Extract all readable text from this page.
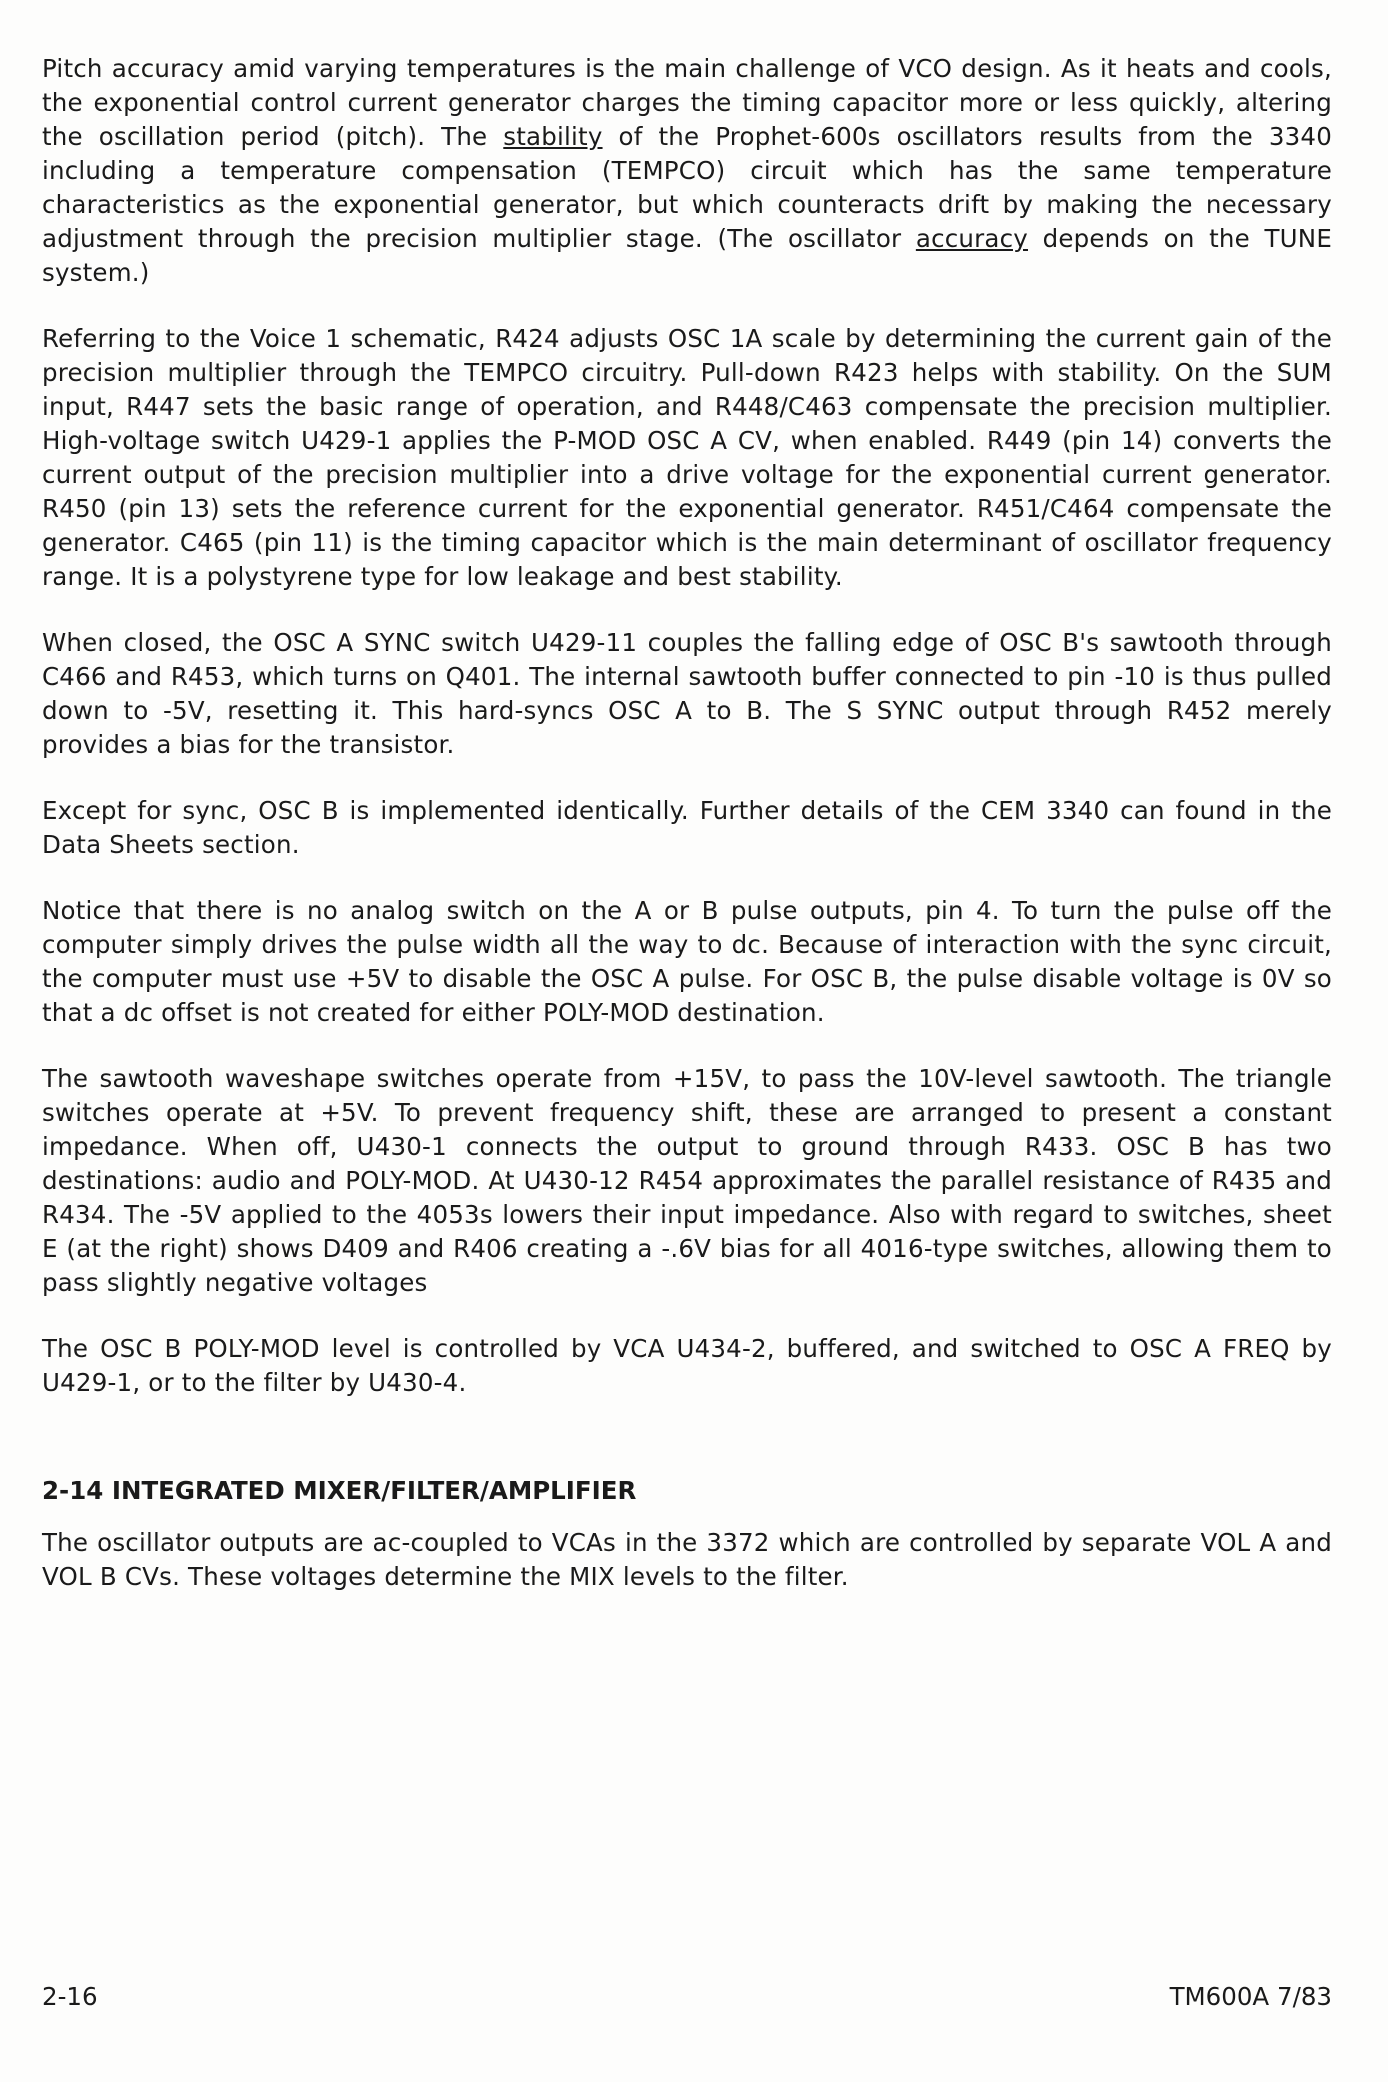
Pitch accuracy amid varying temperatures is the main challenge of VCO design. As it heats and cools, the exponential control current generator charges the timing capacitor more or less quickly, altering the oscillation period (pitch). The stability of the Prophet-600s oscillators results from the 3340 including a temperature compensation (TEMPCO) circuit which has the same temperature characteristics as the exponential generator, but which counteracts drift by making the necessary adjustment through the precision multiplier stage. (The oscillator accuracy depends on the TUNE system.)

Referring to the Voice 1 schematic, R424 adjusts OSC 1A scale by determining the current gain of the precision multiplier through the TEMPCO circuitry. Pull-down R423 helps with stability. On the SUM input, R447 sets the basic range of operation, and R448/C463 compensate the precision multiplier. High-voltage switch U429-1 applies the P-MOD OSC A CV, when enabled. R449 (pin 14) converts the current output of the precision multiplier into a drive voltage for the exponential current generator. R450 (pin 13) sets the reference current for the exponential generator. R451/C464 compensate the generator. C465 (pin 11) is the timing capacitor which is the main determinant of oscillator frequency range. It is a polystyrene type for low leakage and best stability.

When closed, the OSC A SYNC switch U429-11 couples the falling edge of OSC B's sawtooth through C466 and R453, which turns on Q401. The internal sawtooth buffer connected to pin -10 is thus pulled down to -5V, resetting it. This hard-syncs OSC A to B. The S SYNC output through R452 merely provides a bias for the transistor.

Except for sync, OSC B is implemented identically. Further details of the CEM 3340 can found in the Data Sheets section.

Notice that there is no analog switch on the A or B pulse outputs, pin 4. To turn the pulse off the computer simply drives the pulse width all the way to dc. Because of interaction with the sync circuit, the computer must use +5V to disable the OSC A pulse. For OSC B, the pulse disable voltage is 0V so that a dc offset is not created for either POLY-MOD destination.

The sawtooth waveshape switches operate from +15V, to pass the 10V-level sawtooth. The triangle switches operate at +5V. To prevent frequency shift, these are arranged to present a constant impedance. When off, U430-1 connects the output to ground through R433. OSC B has two destinations: audio and POLY-MOD. At U430-12 R454 approximates the parallel resistance of R435 and R434. The -5V applied to the 4053s lowers their input impedance. Also with regard to switches, sheet E (at the right) shows D409 and R406 creating a -.6V bias for all 4016-type switches, allowing them to pass slightly negative voltages

The OSC B POLY-MOD level is controlled by VCA U434-2, buffered, and switched to OSC A FREQ by U429-1, or to the filter by U430-4.

2-14 INTEGRATED MIXER/FILTER/AMPLIFIER

The oscillator outputs are ac-coupled to VCAs in the 3372 which are controlled by separate VOL A and VOL B CVs. These voltages determine the MIX levels to the filter.

2-16	TM600A 7/83
